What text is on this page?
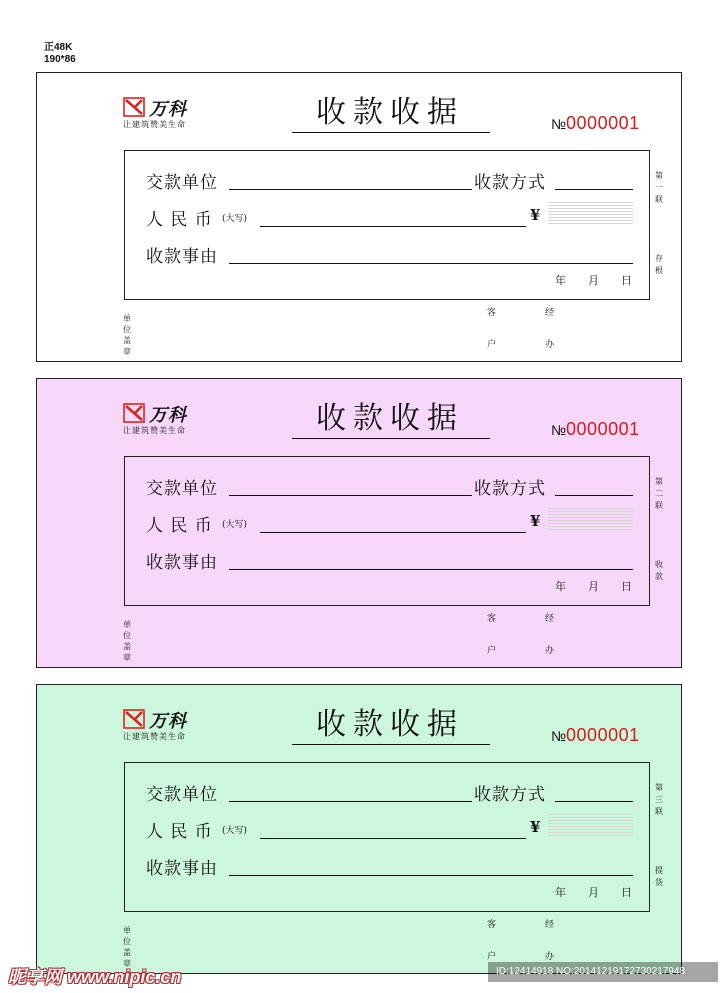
正48K
190*86
万科
让建筑赞美生命	收款收据	№0000001
交款单位	收款方式
人 民 币 (大写)	¥
收款事由
年 月 日
第
一
联
存
根
单
位
盖
章
客
户
经
办
万科
让建筑赞美生命	收款收据	№0000001
交款单位	收款方式
人 民 币 (大写)	¥
收款事由
年 月 日
第
二
联
收
款
单
位
盖
章
客
户
经
办
万科
让建筑赞美生命	收款收据	№0000001
交款单位	收款方式
人 民 币 (大写)	¥
收款事由
年 月 日
第
三
联
提
货
单
位
盖
章
客
户
经
办
昵享网 www.nipic.cn	ID:12414918 NO:20141219172730217948
